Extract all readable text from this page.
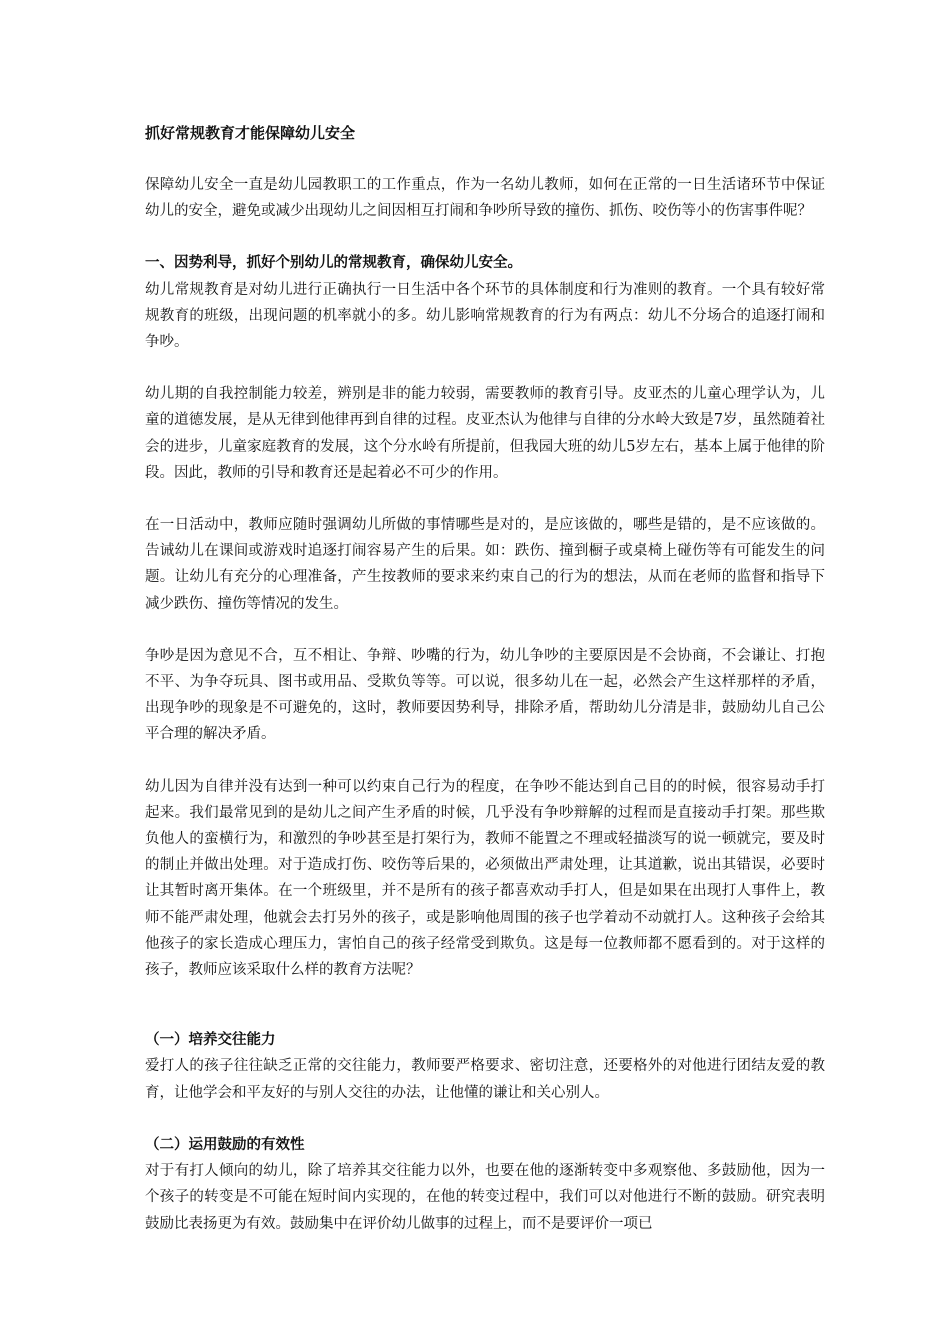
抓好常规教育才能保障幼儿安全

保障幼儿安全一直是幼儿园教职工的工作重点，作为一名幼儿教师，如何在正常的一日生活诸环节中保证幼儿的安全，避免或减少出现幼儿之间因相互打闹和争吵所导致的撞伤、抓伤、咬伤等小的伤害事件呢？

一、因势利导，抓好个别幼儿的常规教育，确保幼儿安全。

幼儿常规教育是对幼儿进行正确执行一日生活中各个环节的具体制度和行为准则的教育。一个具有较好常规教育的班级，出现问题的机率就小的多。幼儿影响常规教育的行为有两点：幼儿不分场合的追逐打闹和争吵。

幼儿期的自我控制能力较差，辨别是非的能力较弱，需要教师的教育引导。皮亚杰的儿童心理学认为，儿童的道德发展，是从无律到他律再到自律的过程。皮亚杰认为他律与自律的分水岭大致是7岁，虽然随着社会的进步，儿童家庭教育的发展，这个分水岭有所提前，但我园大班的幼儿5岁左右，基本上属于他律的阶段。因此，教师的引导和教育还是起着必不可少的作用。

在一日活动中，教师应随时强调幼儿所做的事情哪些是对的，是应该做的，哪些是错的，是不应该做的。告诫幼儿在课间或游戏时追逐打闹容易产生的后果。如：跌伤、撞到橱子或桌椅上碰伤等有可能发生的问题。让幼儿有充分的心理准备，产生按教师的要求来约束自己的行为的想法，从而在老师的监督和指导下减少跌伤、撞伤等情况的发生。

争吵是因为意见不合，互不相让、争辩、吵嘴的行为，幼儿争吵的主要原因是不会协商，不会谦让、打抱不平、为争夺玩具、图书或用品、受欺负等等。可以说，很多幼儿在一起，必然会产生这样那样的矛盾，出现争吵的现象是不可避免的，这时，教师要因势利导，排除矛盾，帮助幼儿分清是非，鼓励幼儿自己公平合理的解决矛盾。

幼儿因为自律并没有达到一种可以约束自己行为的程度，在争吵不能达到自己目的的时候，很容易动手打起来。我们最常见到的是幼儿之间产生矛盾的时候，几乎没有争吵辩解的过程而是直接动手打架。那些欺负他人的蛮横行为，和激烈的争吵甚至是打架行为，教师不能置之不理或轻描淡写的说一顿就完，要及时的制止并做出处理。对于造成打伤、咬伤等后果的，必须做出严肃处理，让其道歉，说出其错误，必要时让其暂时离开集体。在一个班级里，并不是所有的孩子都喜欢动手打人，但是如果在出现打人事件上，教师不能严肃处理，他就会去打另外的孩子，或是影响他周围的孩子也学着动不动就打人。这种孩子会给其他孩子的家长造成心理压力，害怕自己的孩子经常受到欺负。这是每一位教师都不愿看到的。对于这样的孩子，教师应该采取什么样的教育方法呢？

（一）培养交往能力

爱打人的孩子往往缺乏正常的交往能力，教师要严格要求、密切注意，还要格外的对他进行团结友爱的教育，让他学会和平友好的与别人交往的办法，让他懂的谦让和关心别人。

（二）运用鼓励的有效性

对于有打人倾向的幼儿，除了培养其交往能力以外，也要在他的逐渐转变中多观察他、多鼓励他，因为一个孩子的转变是不可能在短时间内实现的，在他的转变过程中，我们可以对他进行不断的鼓励。研究表明鼓励比表扬更为有效。鼓励集中在评价幼儿做事的过程上，而不是要评价一项已
